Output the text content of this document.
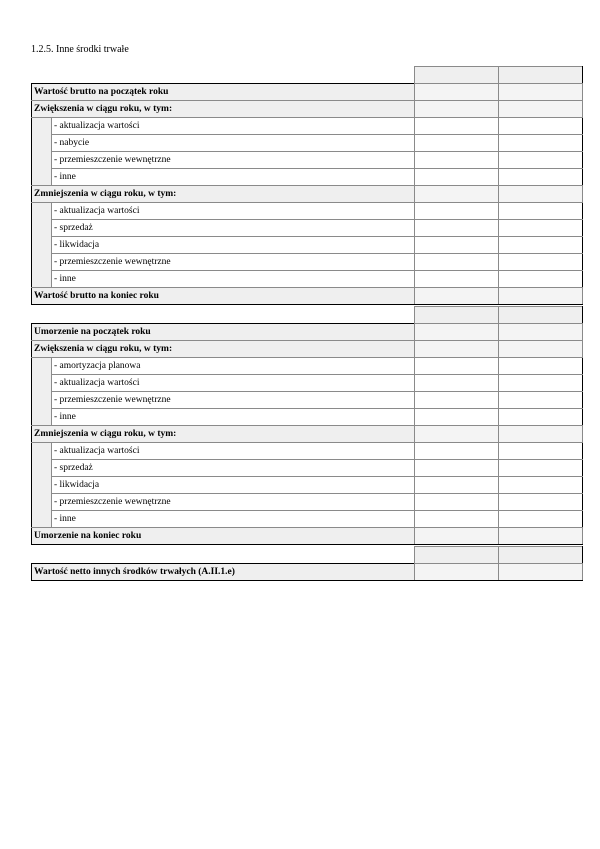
1.2.5. Inne środki trwałe

Wartość brutto na początek roku			
Zwiększenia w ciągu roku, w tym:			
	- aktualizacja wartości		
	- nabycie		
	- przemieszczenie wewnętrzne		
	- inne		
Zmniejszenia w ciągu roku, w tym:			
	- aktualizacja wartości		
	- sprzedaż		
	- likwidacja		
	- przemieszczenie wewnętrzne		
	- inne		
Wartość brutto na koniec roku			

Umorzenie na początek roku			
Zwiększenia w ciągu roku, w tym:			
	- amortyzacja planowa		
	- aktualizacja wartości		
	- przemieszczenie wewnętrzne		
	- inne		
Zmniejszenia w ciągu roku, w tym:			
	- aktualizacja wartości		
	- sprzedaż		
	- likwidacja		
	- przemieszczenie wewnętrzne		
	- inne		
Umorzenie na koniec roku			

Wartość netto innych środków trwałych (A.II.1.e)		
